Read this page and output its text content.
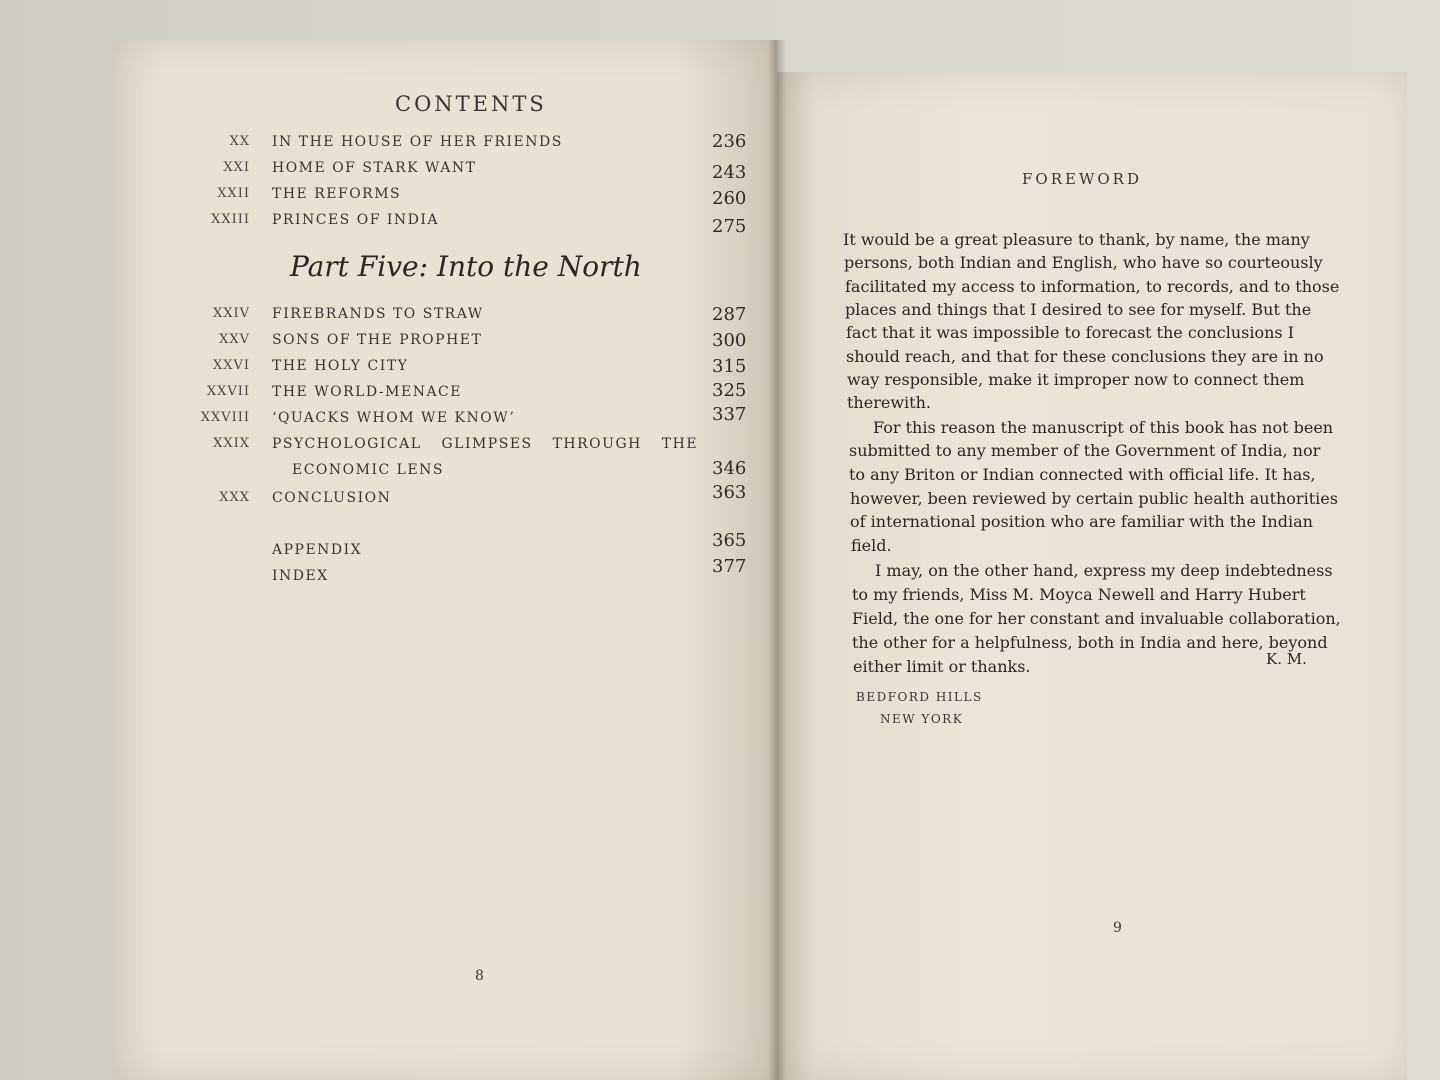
CONTENTS
XX IN THE HOUSE OF HER FRIENDS	236
XXI HOME OF STARK WANT	243
XXII THE REFORMS	260
XXIII PRINCES OF INDIA	275
Part Five: Into the North
XXIV FIREBRANDS TO STRAW	287
XXV SONS OF THE PROPHET	300
XXVI THE HOLY CITY	315
XXVII THE WORLD-MENACE	325
XXVIII ‘QUACKS WHOM WE KNOW’	337
XXIX PSYCHOLOGICAL GLIMPSES THROUGH THE
ECONOMIC LENS	346
XXX CONCLUSION	363
APPENDIX	365
INDEX	377
8
FOREWORD
It would be a great pleasure to thank, by name, the many
persons, both Indian and English, who have so courteously
facilitated my access to information, to records, and to those
places and things that I desired to see for myself. But the
fact that it was impossible to forecast the conclusions I
should reach, and that for these conclusions they are in no
way responsible, make it improper now to connect them
therewith.
For this reason the manuscript of this book has not been
submitted to any member of the Government of India, nor
to any Briton or Indian connected with official life. It has,
however, been reviewed by certain public health authorities
of international position who are familiar with the Indian
field.
I may, on the other hand, express my deep indebtedness
to my friends, Miss M. Moyca Newell and Harry Hubert
Field, the one for her constant and invaluable collaboration,
the other for a helpfulness, both in India and here, beyond
either limit or thanks.	K. M.
BEDFORD HILLS
NEW YORK
9
